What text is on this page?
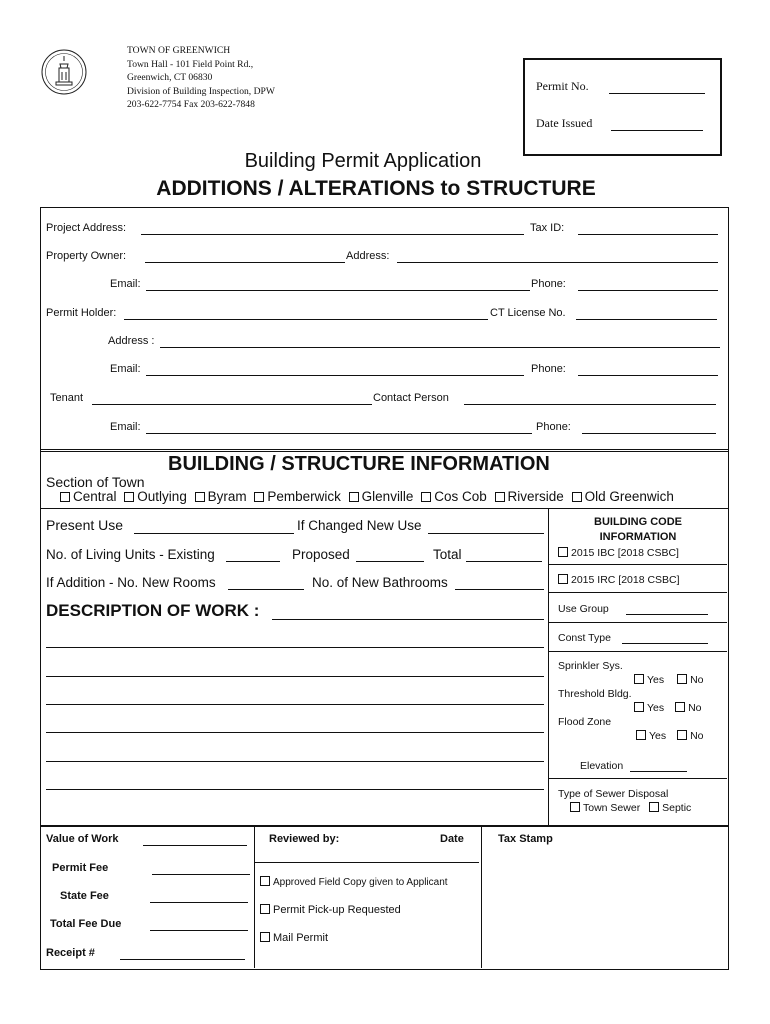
TOWN OF GREENWICH
Town Hall - 101 Field Point Rd.,
Greenwich, CT 06830
Division of Building Inspection, DPW
203-622-7754 Fax 203-622-7848
Permit No.
Date Issued
Building Permit Application
ADDITIONS / ALTERATIONS to STRUCTURE
Project Address:	Tax ID:
Property Owner:	Address:
Email:	Phone:
Permit Holder:	CT License No.
Address :
Email:	Phone:
Tenant	Contact Person
Email:	Phone:
BUILDING / STRUCTURE INFORMATION
Section of Town
Central Outlying Byram Pemberwick Glenville Cos Cob Riverside Old Greenwich
Present Use	If Changed New Use
No. of Living Units - Existing	Proposed	Total
If Addition - No. New Rooms	No. of New Bathrooms
DESCRIPTION OF WORK :
BUILDING CODE
INFORMATION
2015 IBC [2018 CSBC]
2015 IRC [2018 CSBC]
Use Group
Const Type
Sprinkler Sys.
Yes No
Threshold Bldg.
Yes No
Flood Zone
Yes No
Elevation
Type of Sewer Disposal
Town Sewer Septic
Value of Work
Permit Fee
State Fee
Total Fee Due
Receipt #
Reviewed by:	Date
Approved Field Copy given to Applicant
Permit Pick-up Requested
Mail Permit
Tax Stamp
